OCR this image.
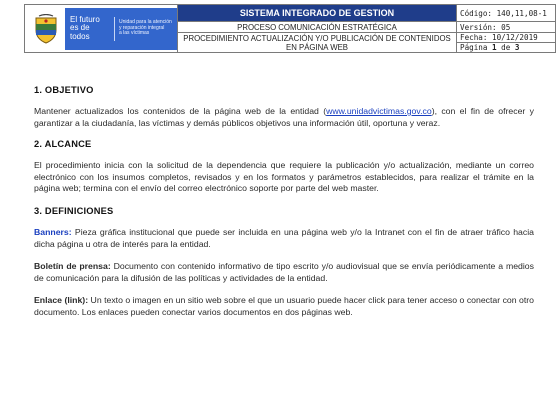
El futuro
es de todos
Unidad para la atención
y reparación integral
a las víctimas	SISTEMA INTEGRADO DE GESTION	Código: 140,11,08-1
	PROCESO COMUNICACIÓN ESTRATÉGICA	Versión: 05
	PROCEDIMIENTO ACTUALIZACIÓN Y/O PUBLICACIÓN DE CONTENIDOS EN PÁGINA WEB	Fecha: 10/12/2019
		Página 1 de 3

1. OBJETIVO

Mantener actualizados los contenidos de la página web de la entidad (www.unidadvictimas.gov.co), con el fin de ofrecer y garantizar a la ciudadanía, las víctimas y demás públicos objetivos una información útil, oportuna y veraz.

2. ALCANCE

El procedimiento inicia con la solicitud de la dependencia que requiere la publicación y/o actualización, mediante un correo electrónico con los insumos completos, revisados y en los formatos y parámetros establecidos, para realizar el trámite en la página web; termina con el envío del correo electrónico soporte por parte del web master.

3. DEFINICIONES

Banners: Pieza gráfica institucional que puede ser incluida en una página web y/o la Intranet con el fin de atraer tráfico hacia dicha página u otra de interés para la entidad.

Boletín de prensa: Documento con contenido informativo de tipo escrito y/o audiovisual que se envía periódicamente a medios de comunicación para la difusión de las políticas y actividades de la entidad.

Enlace (link): Un texto o imagen en un sitio web sobre el que un usuario puede hacer click para tener acceso o conectar con otro documento. Los enlaces pueden conectar varios documentos en dos páginas web.
